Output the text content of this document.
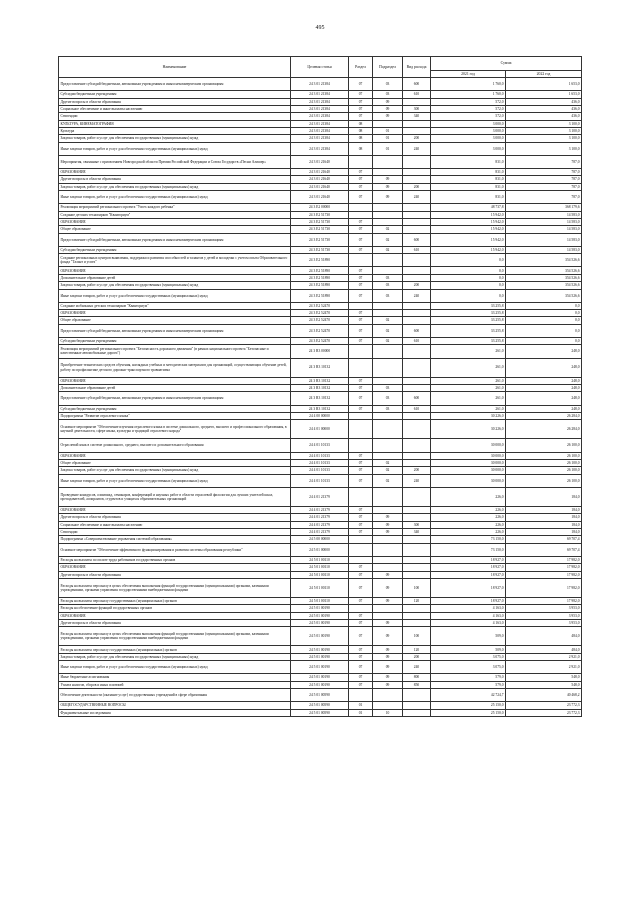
495
Наименование	Целевая статья	Раздел	Подраздел	Вид расхода	Сумма	
					2021 год	2022 год
Предоставление субсидий бюджетным, автономным учреждениям и иным некоммерческим организациям	24 3 01 21384	07	03	600	1 760,0	1 653,0
Субсидии бюджетным учреждениям	24 3 01 21384	07	03	610	1 760,0	1 653,0
Другие вопросы в области образования	24 3 01 21384	07	09		572,0	436,0
Социальное обеспечение и иные выплаты населению	24 3 01 21384	07	09	300	572,0	436,0
Стипендии	24 3 01 21384	07	09	340	572,0	436,0
КУЛЬТУРА, КИНЕМАТОГРАФИЯ	24 3 01 21384	08			3 000,0	3 100,0
Культура	24 3 01 21384	08	01		3 000,0	3 100,0
Закупка товаров, работ и услуг для обеспечения государственных (муниципальных) нужд	24 3 01 21384	08	01	200	3 000,0	3 100,0
Иные закупки товаров, работ и услуг для обеспечения государственных (муниципальных) нужд	24 3 01 21384	08	01	240	3 000,0	3 100,0
Мероприятия, связанные с присвоением Новгородской области Премии Российской Федерации и Союза Государств «Песни Алишер»	24 3 01 21640				831,0	787,0
ОБРАЗОВАНИЕ	24 3 01 21640	07			831,0	787,0
Другие вопросы в области образования	24 3 01 21640	07	09		831,0	787,0
Закупка товаров, работ и услуг для обеспечения государственных (муниципальных) нужд	24 3 01 21640	07	09	200	831,0	787,0
Иные закупки товаров, работ и услуг для обеспечения государственных (муниципальных) нужд	24 3 01 21640	07	09	240	831,0	787,0
Реализация мероприятий регионального проекта "Успех каждого ребенка"	24 3 E2 00000				48 737,8	368 179,6
Создание детских технопарков "Кванториум"	24 3 E2 51730				15 942,0	14 583,0
ОБРАЗОВАНИЕ	24 3 E2 51730	07			15 942,0	14 583,0
Общее образование	24 3 E2 51730	07	02		15 942,0	14 583,0
Предоставление субсидий бюджетным, автономным учреждениям и иным некоммерческим организациям	24 3 E2 51730	07	02	600	15 942,0	14 583,0
Субсидии бюджетным учреждениям	24 3 E2 51730	07	02	610	15 942,0	14 583,0
Создание региональных центров выявления, поддержки и развития способностей и талантов у детей и молодежи с учетом опыта Образовательного фонда "Талант и успех"	24 3 E2 51890				0,0	354 526,6
ОБРАЗОВАНИЕ	24 3 E2 51890	07			0,0	354 526,6
Дополнительное образование детей	24 3 E2 51890	07	03		0,0	354 526,6
Закупка товаров, работ и услуг для обеспечения государственных (муниципальных) нужд	24 3 E2 51890	07	03	200	0,0	354 526,6
Иные закупки товаров, работ и услуг для обеспечения государственных (муниципальных) нужд	24 3 E2 51890	07	03	240	0,0	354 526,6
Создание мобильных детских технопарков "Кванториум"	24 3 E2 52470				33 255,8	0,0
ОБРАЗОВАНИЕ	24 3 E2 52470	07			33 255,8	0,0
Общее образование	24 3 E2 52470	07	02		33 255,8	0,0
Предоставление субсидий бюджетным, автономным учреждениям и иным некоммерческим организациям	24 3 E2 52470	07	02	600	33 255,8	0,0
Субсидии бюджетным учреждениям	24 3 E2 52470	07	02	610	33 255,8	0,0
Реализация мероприятий регионального проекта "Безопасность дорожного движения" (в рамках национального проекта "Безопасные и качественные автомобильные дороги")	24 3 R3 00000				261,0	248,0
Приобретение технических средств обучения, наглядных учебных и методических материалов для организаций, осуществляющих обучение детей, работу по профилактике детского дорожно-транспортного травматизма	24 3 R3 10132				261,0	248,0
ОБРАЗОВАНИЕ	24 3 R3 10132	07			261,0	248,0
Дополнительное образование детей	24 3 R3 10132	07	03		261,0	248,0
Предоставление субсидий бюджетным, автономным учреждениям и иным некоммерческим организациям	24 3 R3 10132	07	03	600	261,0	248,0
Субсидии бюджетным учреждениям	24 3 R3 10132	07	03	610	261,0	248,0
Подпрограмма "Развитие отраслевого языка"	24 4 00 00000				30 226,0	26 284,0
Основное мероприятие "Обеспечение изучения отраслевого языка в системе дошкольного, среднего, высшего и профессионального образования, в научной деятельности, сфере языка, культуры и традиций отраслевого народа"	24 4 01 00000				30 226,0	26 284,0
Отраслевой язык в системе дошкольного, среднего, высшего и дополнительного образования	24 4 01 10133				30 000,0	26 100,0
ОБРАЗОВАНИЕ	24 4 01 10133	07			30 000,0	26 100,0
Общее образование	24 4 01 10133	07	02		30 000,0	26 100,0
Закупка товаров, работ и услуг для обеспечения государственных (муниципальных) нужд	24 4 01 10133	07	02	200	30 000,0	26 100,0
Иные закупки товаров, работ и услуг для обеспечения государственных (муниципальных) нужд	24 4 01 10133	07	02	240	30 000,0	26 100,0
Проведение конкурсов, олимпиад, семинаров, конференций и научных работ в области отраслевой филологии для лучших учителей школ, преподавателей, аспирантов, студентов и учащихся образовательных организаций	24 4 01 21379				226,0	184,0
ОБРАЗОВАНИЕ	24 4 01 21379	07			226,0	184,0
Другие вопросы в области образования	24 4 01 21379	07	09		226,0	184,0
Социальное обеспечение и иные выплаты населению	24 4 01 21379	07	09	300	226,0	184,0
Стипендии	24 4 01 21379	07	09	340	226,0	184,0
Подпрограмма «Совершенствование управления системой образования»	24 5 00 00000				73 150,0	69 707,4
Основное мероприятие "Обеспечение эффективного функционирования и развития системы образования республики"	24 5 01 00000				73 150,0	69 707,4
Расходы на выплаты по оплате труда работников государственных органов	24 5 01 00110				18 927,0	17 982,0
ОБРАЗОВАНИЕ	24 5 01 00110	07			18 927,0	17 982,0
Другие вопросы в области образования	24 5 01 00110	07	09		18 927,0	17 982,0
Расходы на выплаты персоналу в целях обеспечения выполнения функций государственными (муниципальными) органами, казенными учреждениями, органами управления государственными внебюджетными фондами	24 5 01 00110	07	09	100	18 927,0	17 982,0
Расходы на выплаты персоналу государственных (муниципальных) органов	24 5 01 00110	07	09	120	18 927,0	17 982,0
Расходы на обеспечение функций государственных органов	24 5 01 00190				4 163,0	3 953,0
ОБРАЗОВАНИЕ	24 5 01 00190	07			4 163,0	3 953,0
Другие вопросы в области образования	24 5 01 00190	07	09		4 163,0	3 953,0
Расходы на выплаты персоналу в целях обеспечения выполнения функций государственными (муниципальными) органами, казенными учреждениями, органами управления государственными внебюджетными фондами	24 5 01 00190	07	09	100	509,0	484,0
Расходы на выплаты персоналу государственных (муниципальных) органов	24 5 01 00190	07	09	120	509,0	484,0
Закупка товаров, работ и услуг для обеспечения государственных (муниципальных) нужд	24 5 01 00190	07	09	200	3 075,0	2 921,0
Иные закупки товаров, работ и услуг для обеспечения государственных (муниципальных) нужд	24 5 01 00190	07	09	240	3 075,0	2 921,0
Иные бюджетные ассигнования	24 5 01 00190	07	09	800	579,0	548,0
Уплата налогов, сборов и иных платежей	24 5 01 00190	07	09	850	579,0	548,0
Обеспечение деятельности (оказание услуг) государственных учреждений в сфере образования	24 5 01 00590				42 724,7	40 468,2
ОБЩЕГОСУДАРСТВЕННЫЕ ВОПРОСЫ	24 5 01 00590	01			25 150,0	23 772,3
Фундаментальные исследования	24 5 01 00590	01	10		25 150,0	23 772,3
